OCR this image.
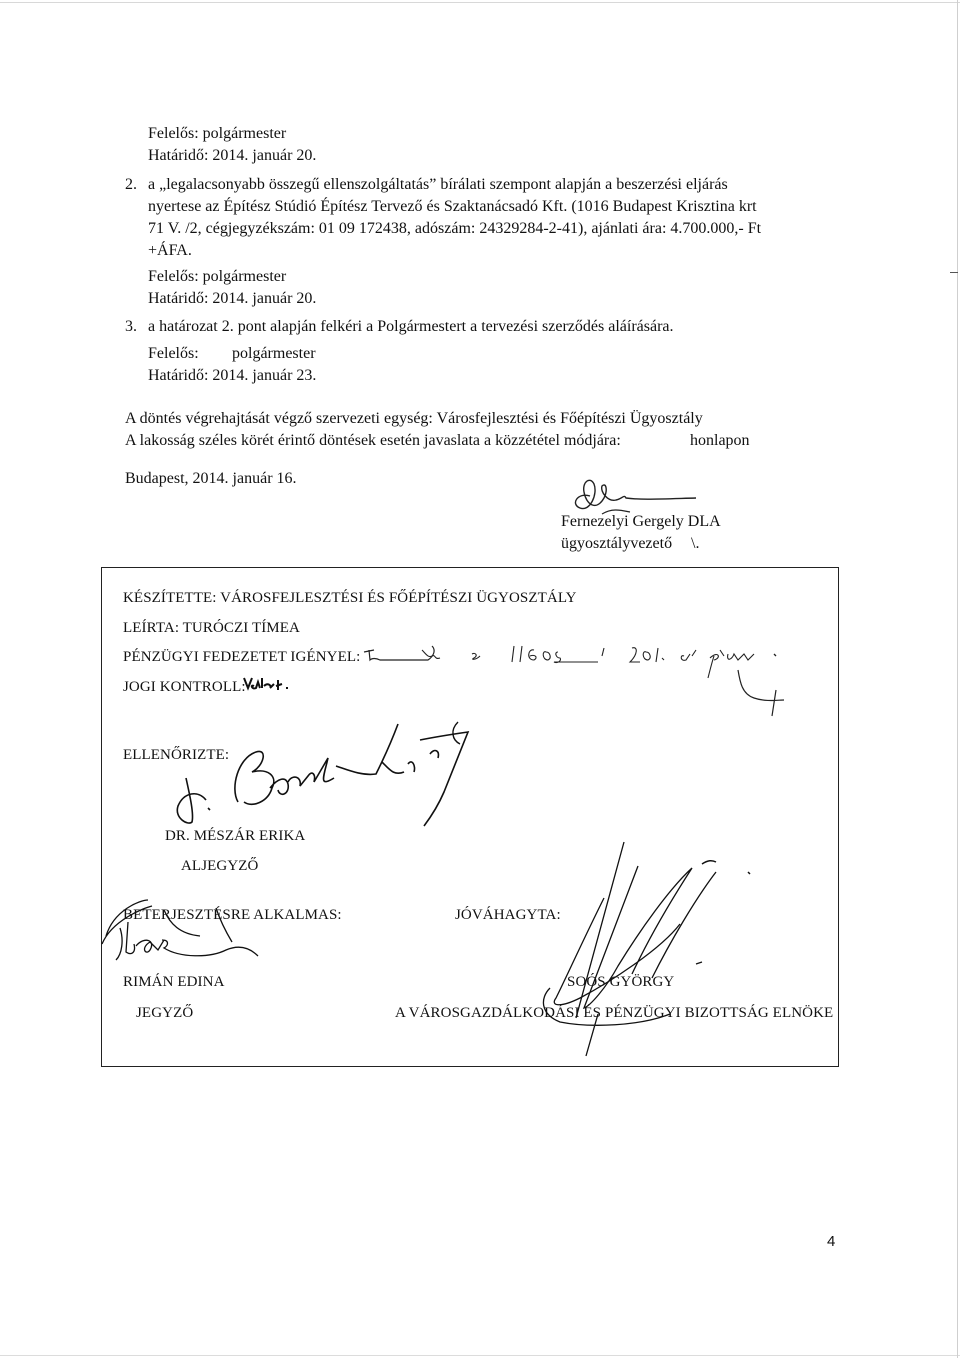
Felelős: polgármester
Határidő: 2014. január 20.
2. a „legalacsonyabb összegű ellenszolgáltatás” bírálati szempont alapján a beszerzési eljárás
nyertese az Építész Stúdió Építész Tervező és Szaktanácsadó Kft. (1016 Budapest Krisztina krt
71 V. /2, cégjegyzékszám: 01 09 172438, adószám: 24329284-2-41), ajánlati ára: 4.700.000,- Ft
+ÁFA.
Felelős: polgármester
Határidő: 2014. január 20.
3. a határozat 2. pont alapján felkéri a Polgármestert a tervezési szerződés aláírására.
Felelős: polgármester
Határidő: 2014. január 23.
A döntés végrehajtását végző szervezeti egység: Városfejlesztési és Főépítészi Ügyosztály
A lakosság széles körét érintő döntések esetén javaslata a közzététel módjára:	honlapon
Budapest, 2014. január 16.
Fernezelyi Gergely DLA
ügyosztályvezető \.
KÉSZÍTETTE: VÁROSFEJLESZTÉSI ÉS FŐÉPÍTÉSZI ÜGYOSZTÁLY
LEÍRTA: TURÓCZI TÍMEA
PÉNZÜGYI FEDEZETET IGÉNYEL:
JOGI KONTROLL:
ELLENŐRIZTE:
DR. MÉSZÁR ERIKA
ALJEGYZŐ
BETERJESZTÉSRE ALKALMAS:	JÓVÁHAGYTA:
RIMÁN EDINA
JEGYZŐ
SOÓS GYÖRGY
A VÁROSGAZDÁLKODÁSI ÉS PÉNZÜGYI BIZOTTSÁG ELNÖKE
4
